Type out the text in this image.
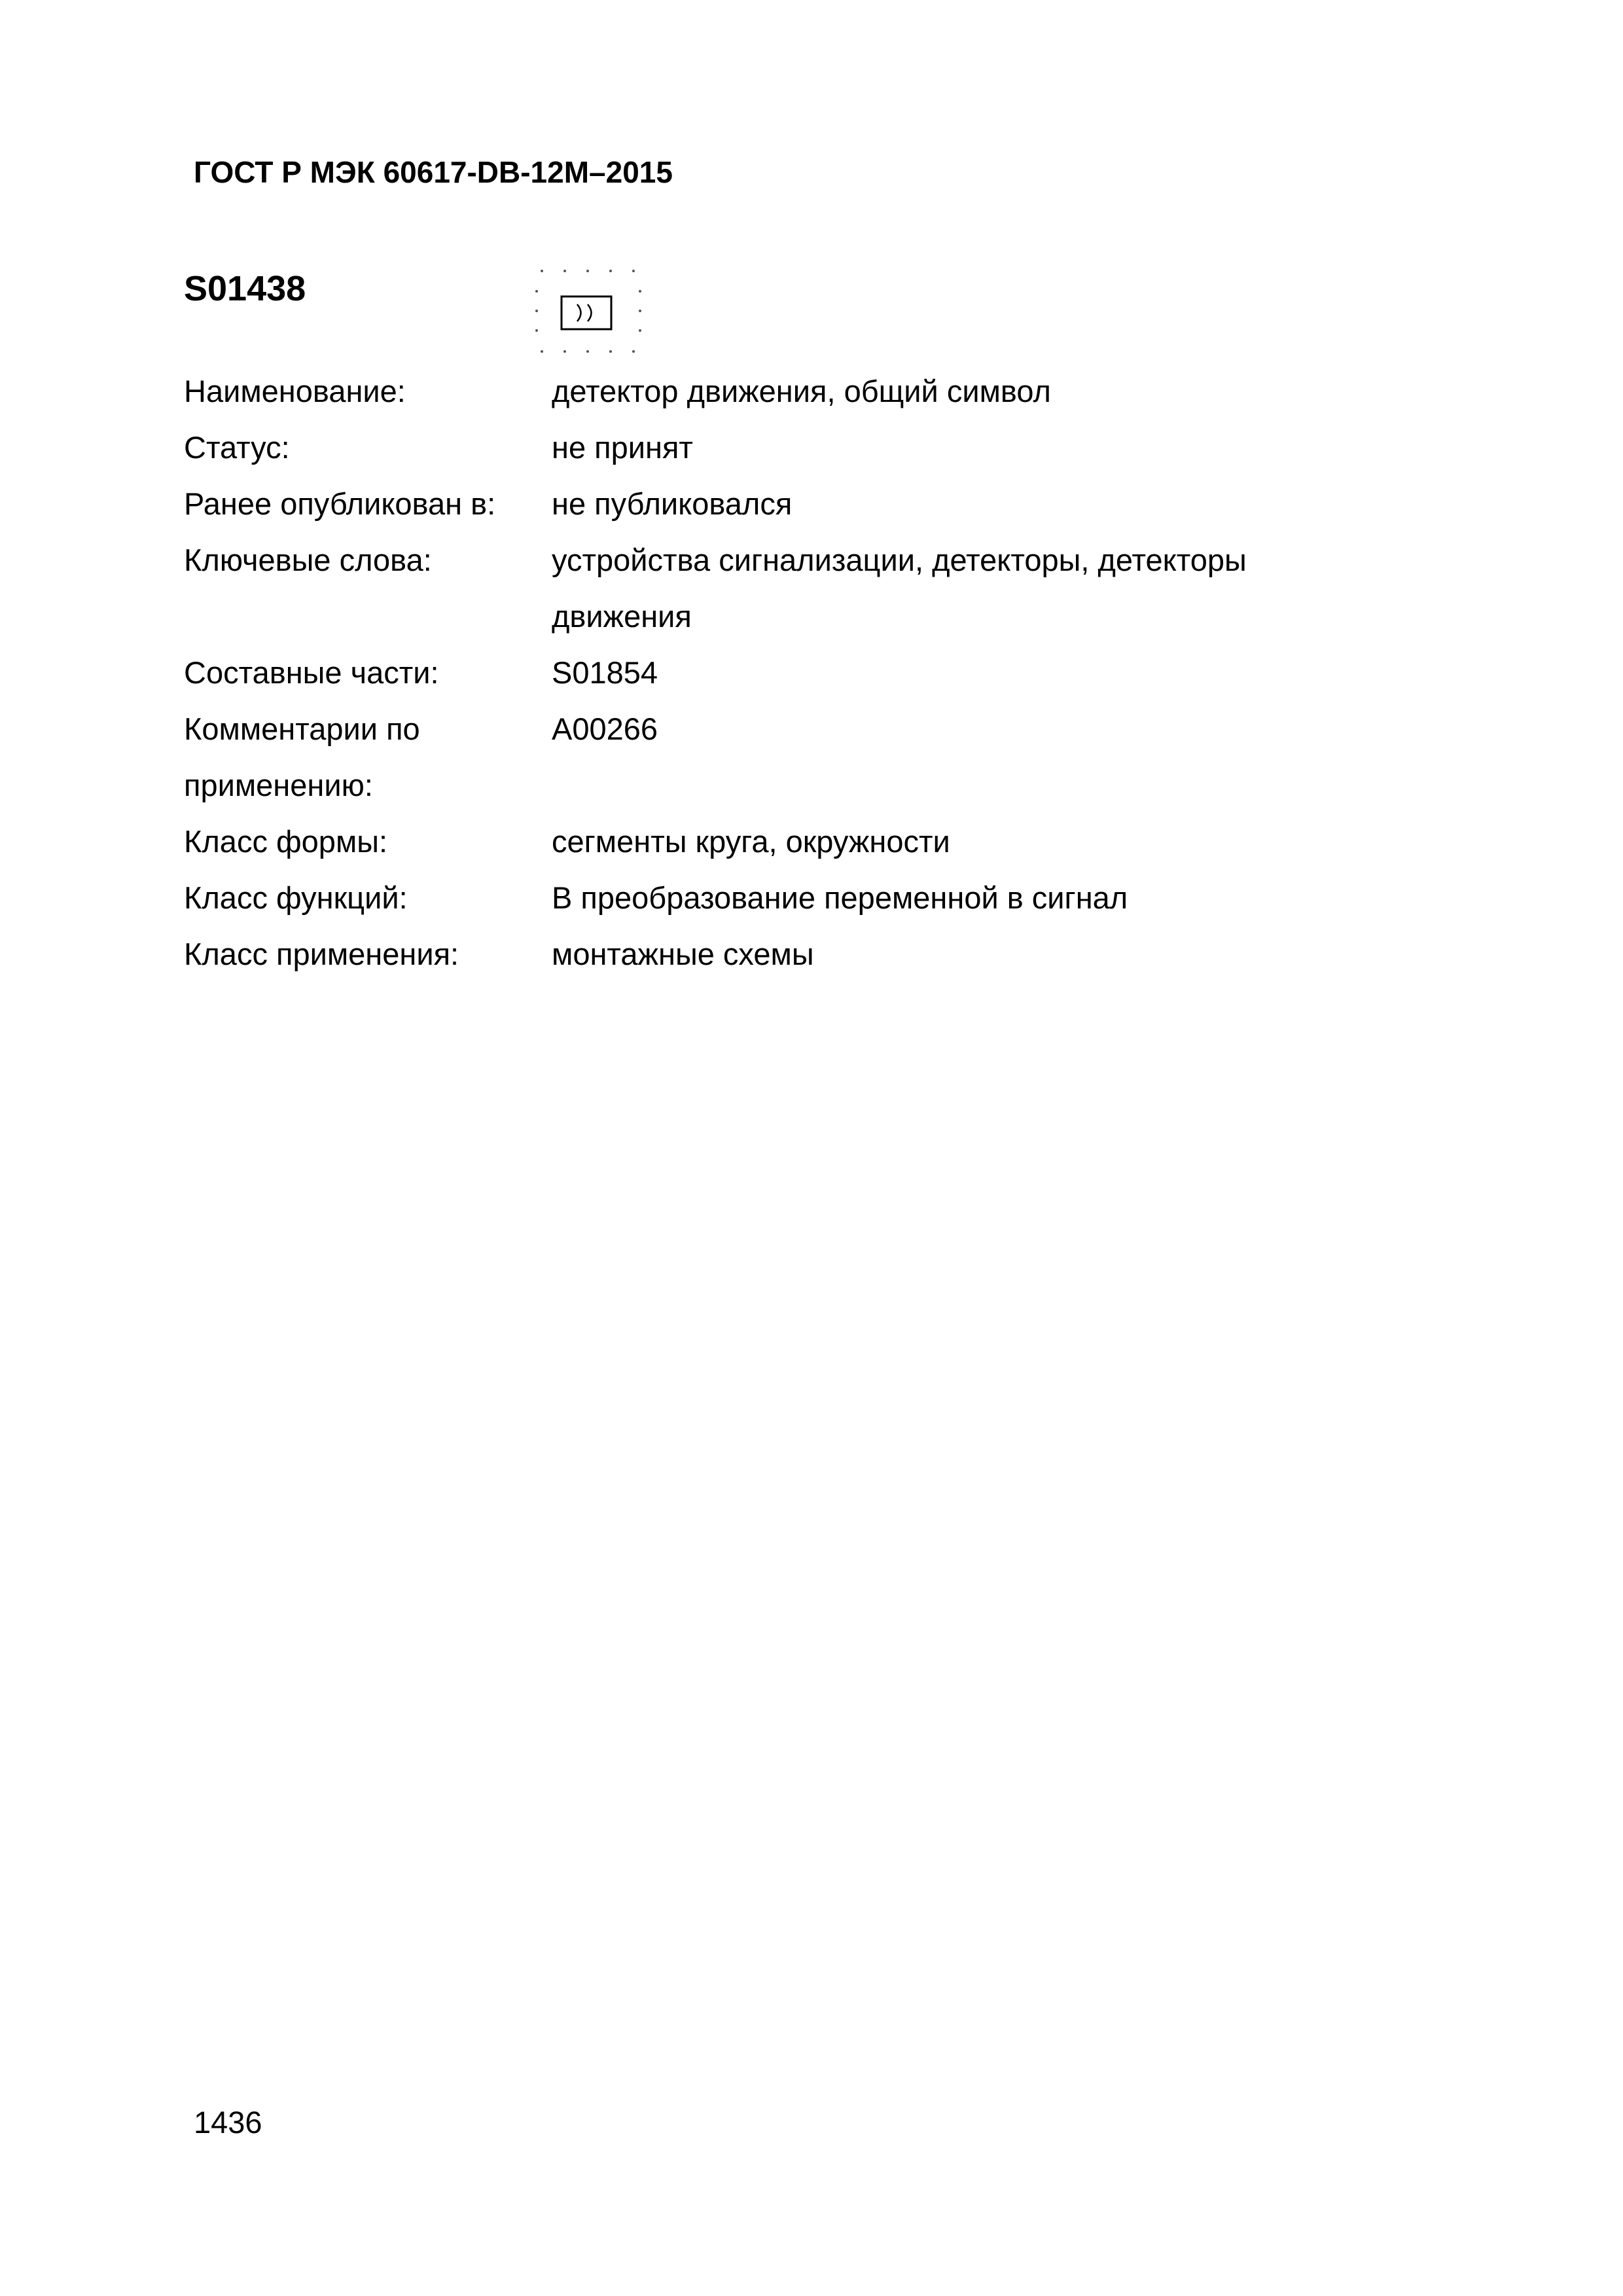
ГОСТ Р МЭК 60617-DB-12M–2015
S01438
Наименование:	детектор движения, общий символ
Статус:	не принят
Ранее опубликован в:	не публиковался
Ключевые слова:	устройства сигнализации, детекторы, детекторы движения
Составные части:	S01854
Комментарии по применению:
A00266
Класс формы:	сегменты круга, окружности
Класс функций:	B преобразование переменной в сигнал
Класс применения:	монтажные схемы
1436
